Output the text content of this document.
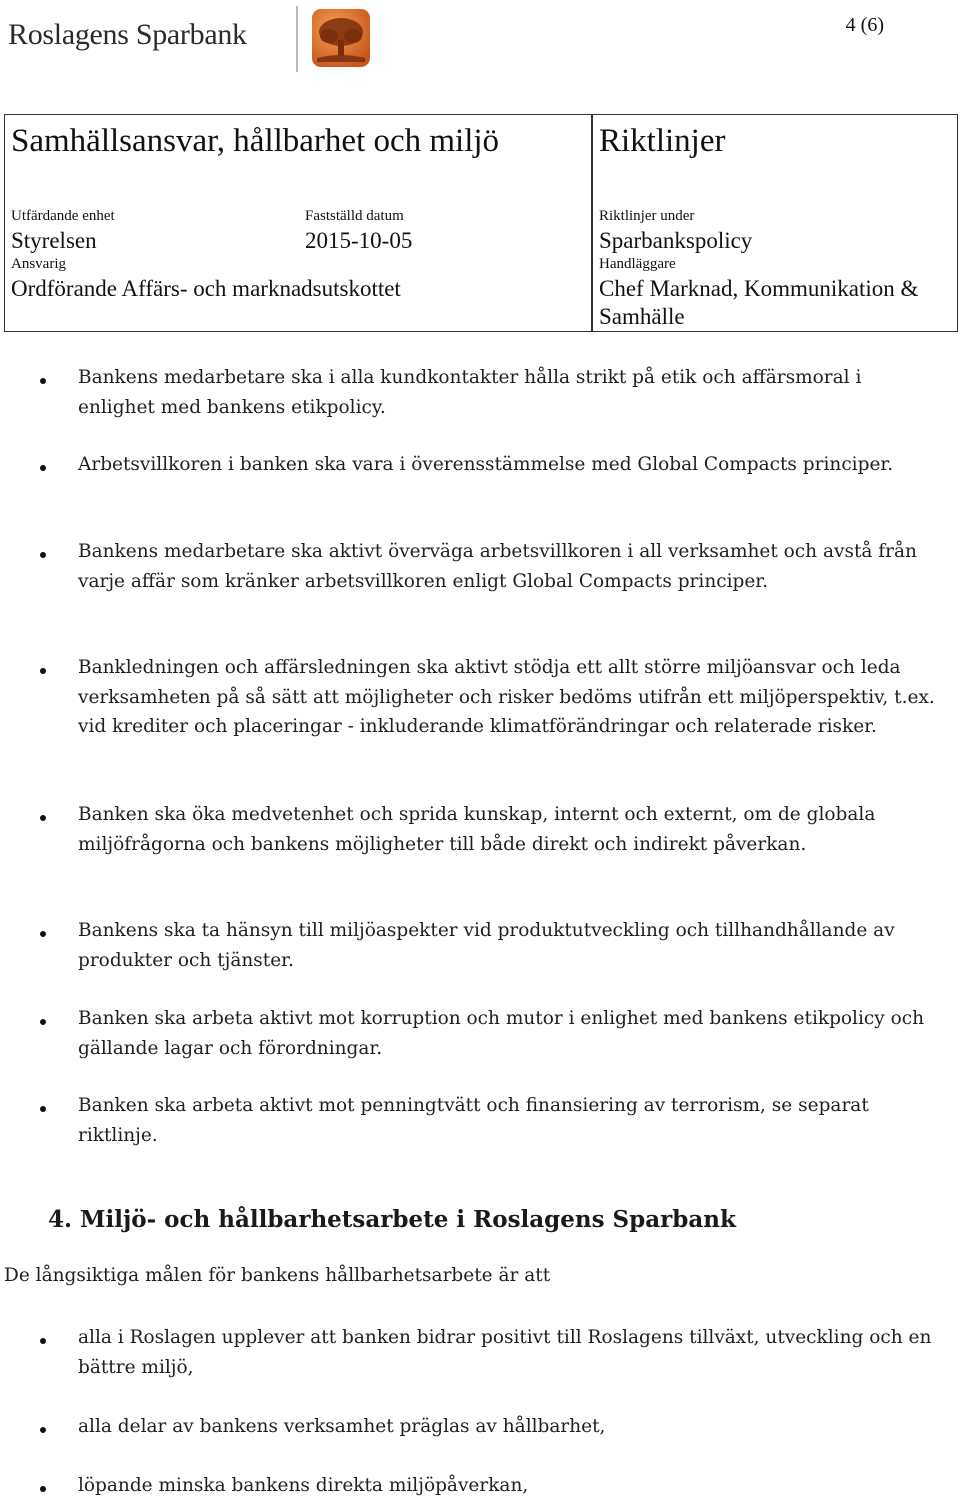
Roslagens Sparbank	4 (6)
Samhällsansvar, hållbarhet och miljö	Riktlinjer
Utfärdande enhet
Styrelsen
Fastställd datum
2015-10-05
Riktlinjer under
Sparbankspolicy
Ansvarig
Ordförande Affärs- och marknadsutskottet
Handläggare
Chef Marknad, Kommunikation & Samhälle
Bankens medarbetare ska i alla kundkontakter hålla strikt på etik och affärsmoral i enlighet med bankens etikpolicy.
Arbetsvillkoren i banken ska vara i överensstämmelse med Global Compacts principer.
Bankens medarbetare ska aktivt överväga arbetsvillkoren i all verksamhet och avstå från varje affär som kränker arbetsvillkoren enligt Global Compacts principer.
Bankledningen och affärsledningen ska aktivt stödja ett allt större miljöansvar och leda verksamheten på så sätt att möjligheter och risker bedöms utifrån ett miljöperspektiv, t.ex. vid krediter och placeringar - inkluderande klimatförändringar och relaterade risker.
Banken ska öka medvetenhet och sprida kunskap, internt och externt, om de globala miljöfrågorna och bankens möjligheter till både direkt och indirekt påverkan.
Bankens ska ta hänsyn till miljöaspekter vid produktutveckling och tillhandhållande av produkter och tjänster.
Banken ska arbeta aktivt mot korruption och mutor i enlighet med bankens etikpolicy och gällande lagar och förordningar.
Banken ska arbeta aktivt mot penningtvätt och finansiering av terrorism, se separat riktlinje.
4. Miljö- och hållbarhetsarbete i Roslagens Sparbank
De långsiktiga målen för bankens hållbarhetsarbete är att
alla i Roslagen upplever att banken bidrar positivt till Roslagens tillväxt, utveckling och en bättre miljö,
alla delar av bankens verksamhet präglas av hållbarhet,
löpande minska bankens direkta miljöpåverkan,
